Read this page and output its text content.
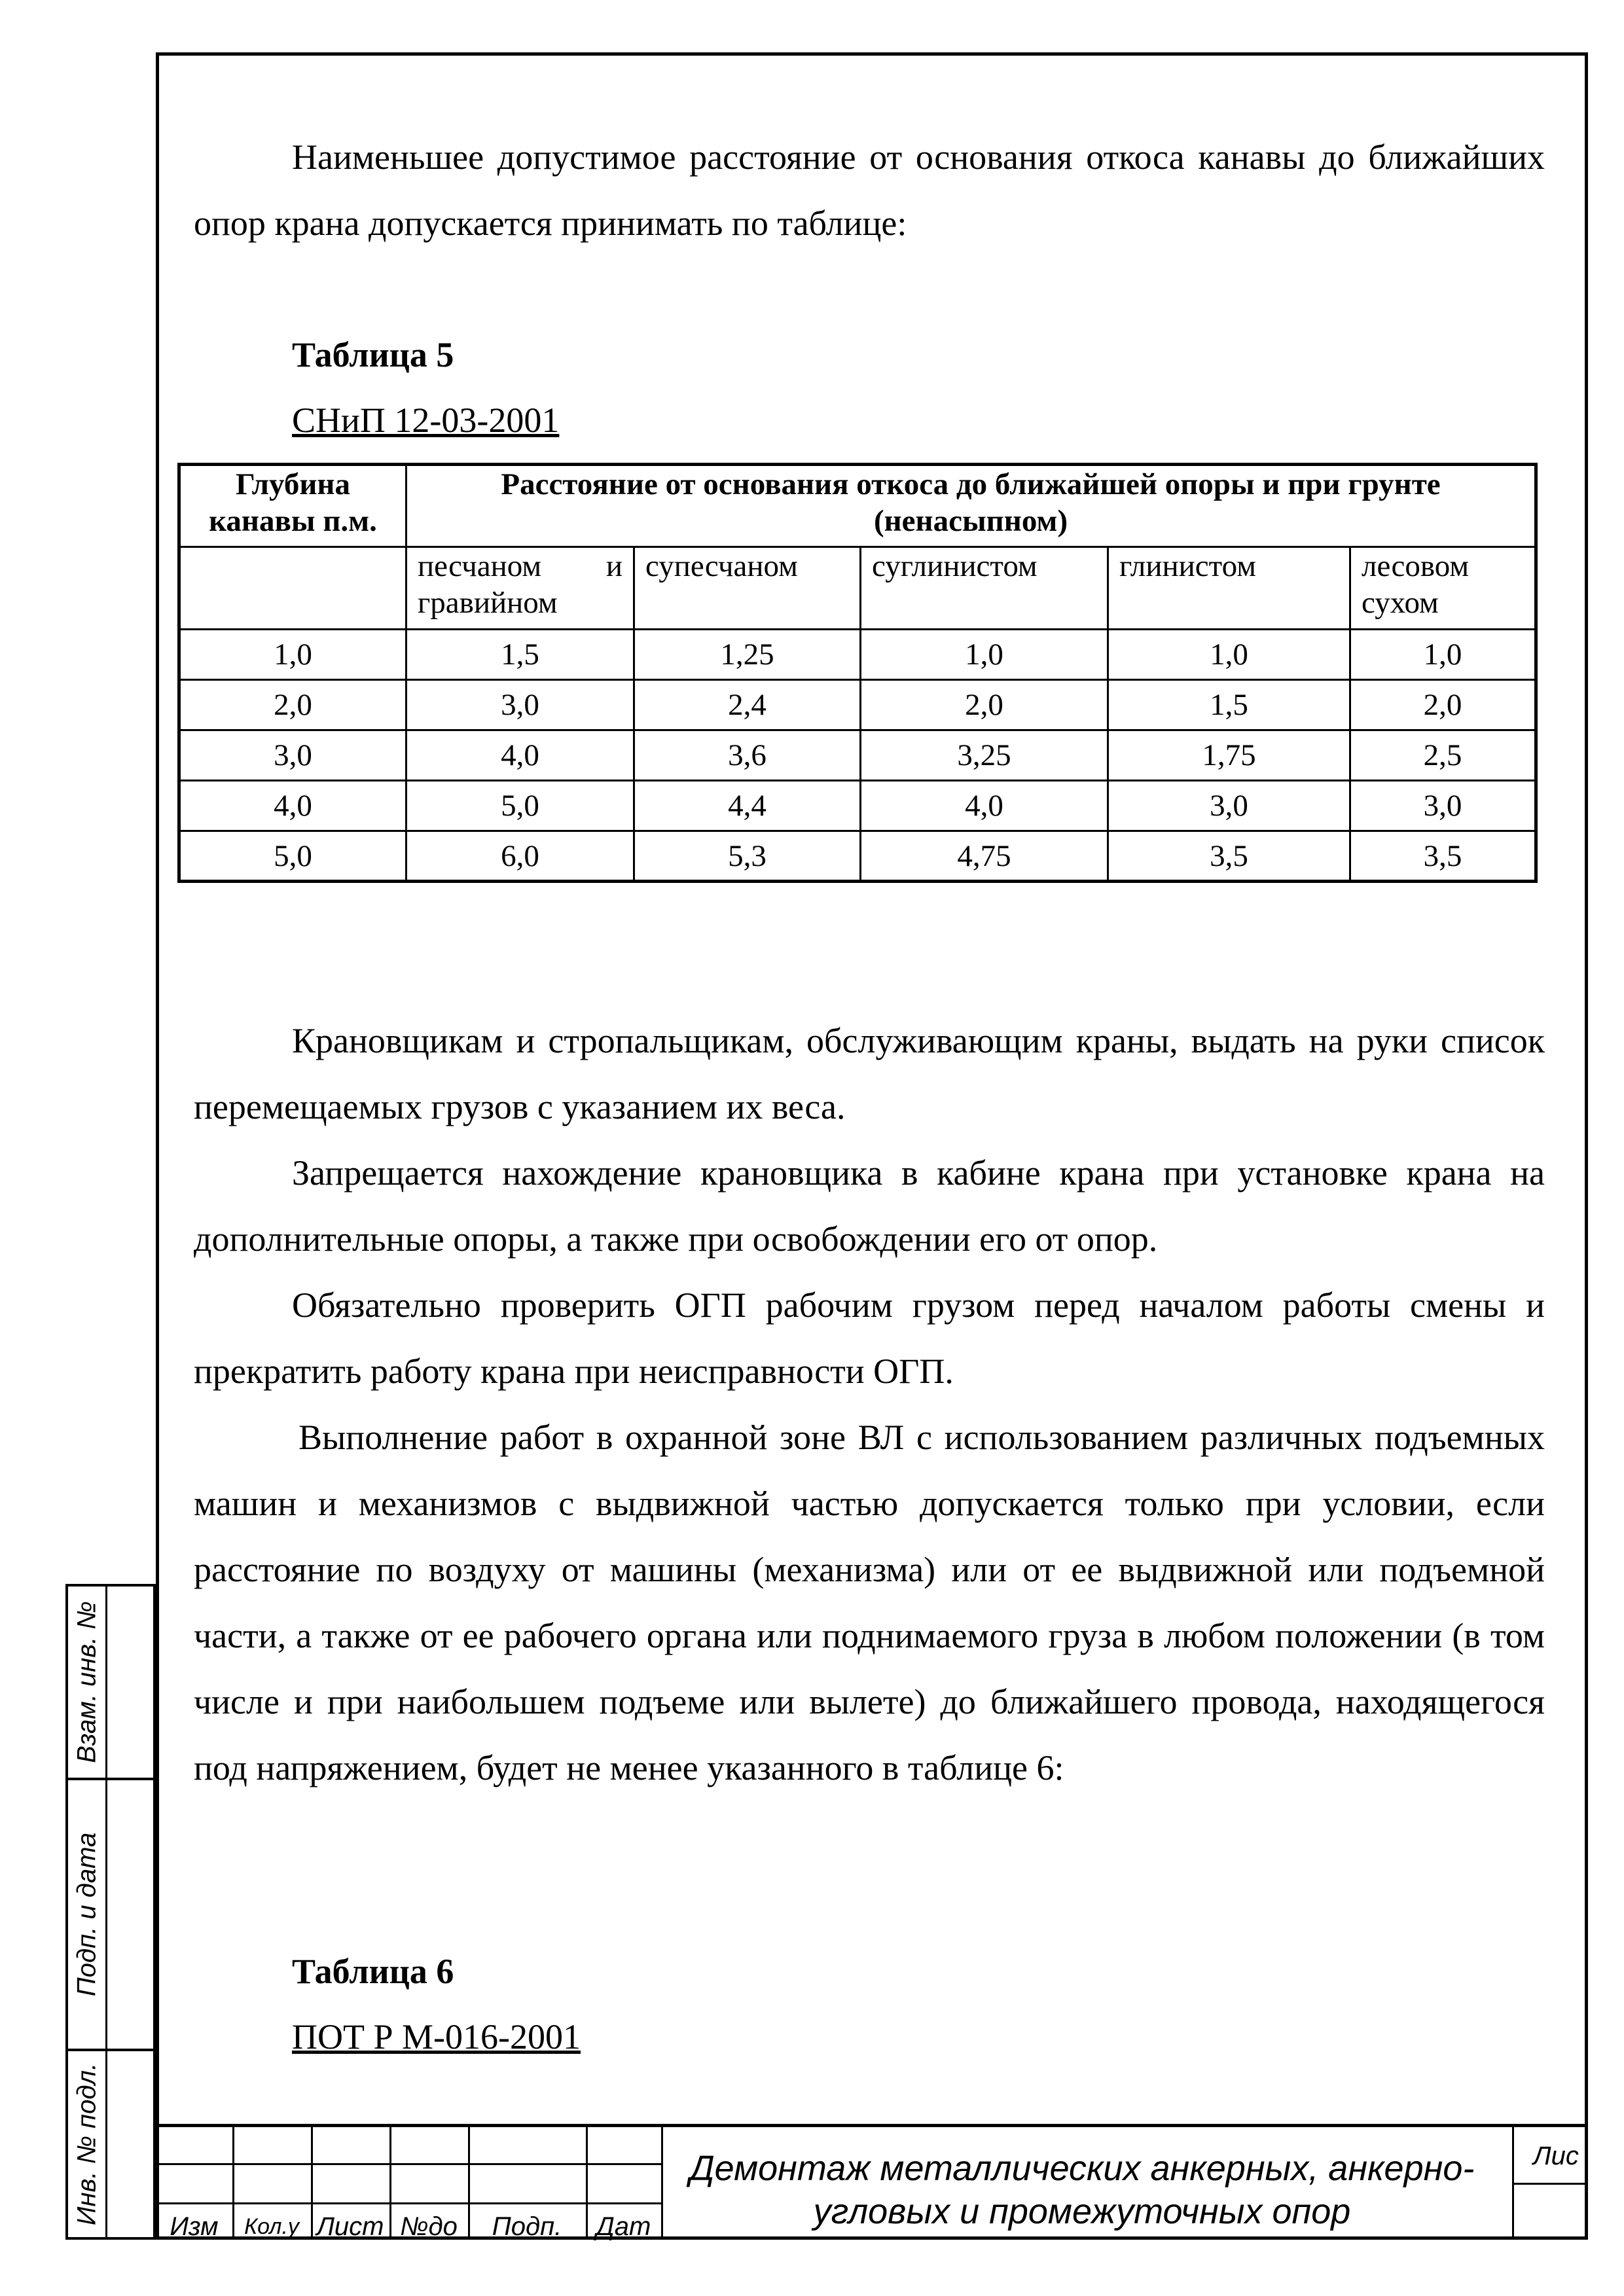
Наименьшее допустимое расстояние от основания откоса канавы до ближайших опор крана допускается принимать по таблице:

Таблица 5
СНиП 12-03-2001
Глубина канавы п.м.	Расстояние от основания откоса до ближайшей опоры и при грунте (ненасыпном)				

	песчаном и гравийном	супесчаном	суглинистом	глинистом	лесовом сухом
1,0	1,5	1,25	1,0	1,0	1,0
2,0	3,0	2,4	2,0	1,5	2,0
3,0	4,0	3,6	3,25	1,75	2,5
4,0	5,0	4,4	4,0	3,0	3,0
5,0	6,0	5,3	4,75	3,5	3,5

Крановщикам и стропальщикам, обслуживающим краны, выдать на руки список перемещаемых грузов с указанием их веса.

Запрещается нахождение крановщика в кабине крана при установке крана на дополнительные опоры, а также при освобождении его от опор.

Обязательно проверить ОГП рабочим грузом перед началом работы смены и прекратить работу крана при неисправности ОГП.

Выполнение работ в охранной зоне ВЛ с использованием различных подъемных машин и механизмов с выдвижной частью допускается только при условии, если расстояние по воздуху от машины (механизма) или от ее выдвижной или подъемной части, а также от ее рабочего органа или поднимаемого груза в любом положении (в том числе и при наибольшем подъеме или вылете) до ближайшего провода, находящегося под напряжением, будет не менее указанного в таблице 6:

Таблица 6
ПОТ Р М-016-2001
Взам. инв. №
Подп. и дата
Инв. № подл.
Изм	Кол.у Лист №до	Подп.	Дат
Демонтаж металлических анкерных, анкерно-угловых и промежуточных опор
Лис
